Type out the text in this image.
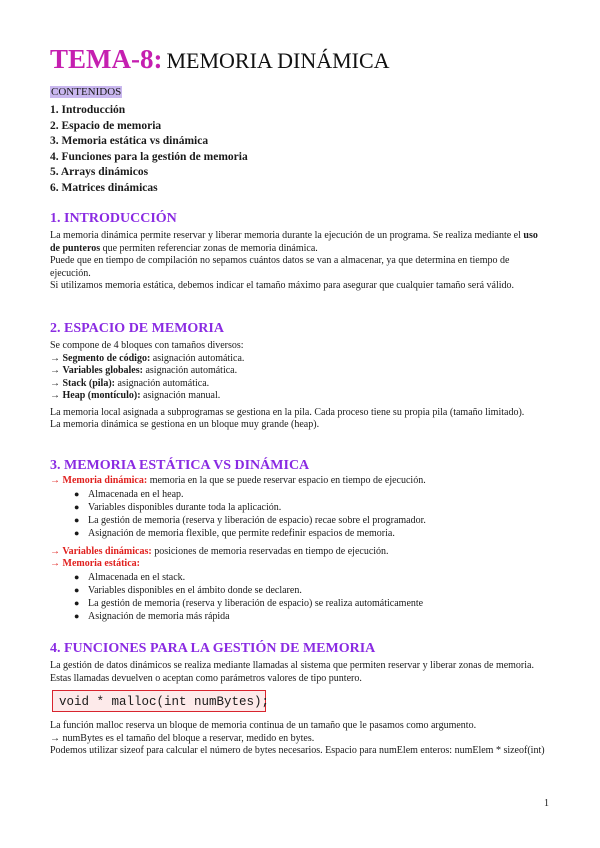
TEMA-8: MEMORIA DINÁMICA
CONTENIDOS
1. Introducción
2. Espacio de memoria
3. Memoria estática vs dinámica
4. Funciones para la gestión de memoria
5. Arrays dinámicos
6. Matrices dinámicas
1. INTRODUCCIÓN

La memoria dinámica permite reservar y liberar memoria durante la ejecución de un programa. Se realiza mediante el uso de punteros que permiten referenciar zonas de memoria dinámica.

Puede que en tiempo de compilación no sepamos cuántos datos se van a almacenar, ya que determina en tiempo de ejecución.

Si utilizamos memoria estática, debemos indicar el tamaño máximo para asegurar que cualquier tamaño será válido.

2. ESPACIO DE MEMORIA

Se compone de 4 bloques con tamaños diversos:

→ Segmento de código: asignación automática.

→ Variables globales: asignación automática.

→ Stack (pila): asignación automática.

→ Heap (montículo): asignación manual.

La memoria local asignada a subprogramas se gestiona en la pila. Cada proceso tiene su propia pila (tamaño limitado).

La memoria dinámica se gestiona en un bloque muy grande (heap).

3. MEMORIA ESTÁTICA VS DINÁMICA

→ Memoria dinámica: memoria en la que se puede reservar espacio en tiempo de ejecución.

● Almacenada en el heap.
● Variables disponibles durante toda la aplicación.
● La gestión de memoria (reserva y liberación de espacio) recae sobre el programador.
● Asignación de memoria flexible, que permite redefinir espacios de memoria.

→ Variables dinámicas: posiciones de memoria reservadas en tiempo de ejecución.

→ Memoria estática:

● Almacenada en el stack.
● Variables disponibles en el ámbito donde se declaren.
● La gestión de memoria (reserva y liberación de espacio) se realiza automáticamente
● Asignación de memoria más rápida
4. FUNCIONES PARA LA GESTIÓN DE MEMORIA

La gestión de datos dinámicos se realiza mediante llamadas al sistema que permiten reservar y liberar zonas de memoria. Estas llamadas devuelven o aceptan como parámetros valores de tipo puntero.

void * malloc(int numBytes);

La función malloc reserva un bloque de memoria continua de un tamaño que le pasamos como argumento.

→ numBytes es el tamaño del bloque a reservar, medido en bytes.

Podemos utilizar sizeof para calcular el número de bytes necesarios. Espacio para numElem enteros: numElem * sizeof(int)

1
